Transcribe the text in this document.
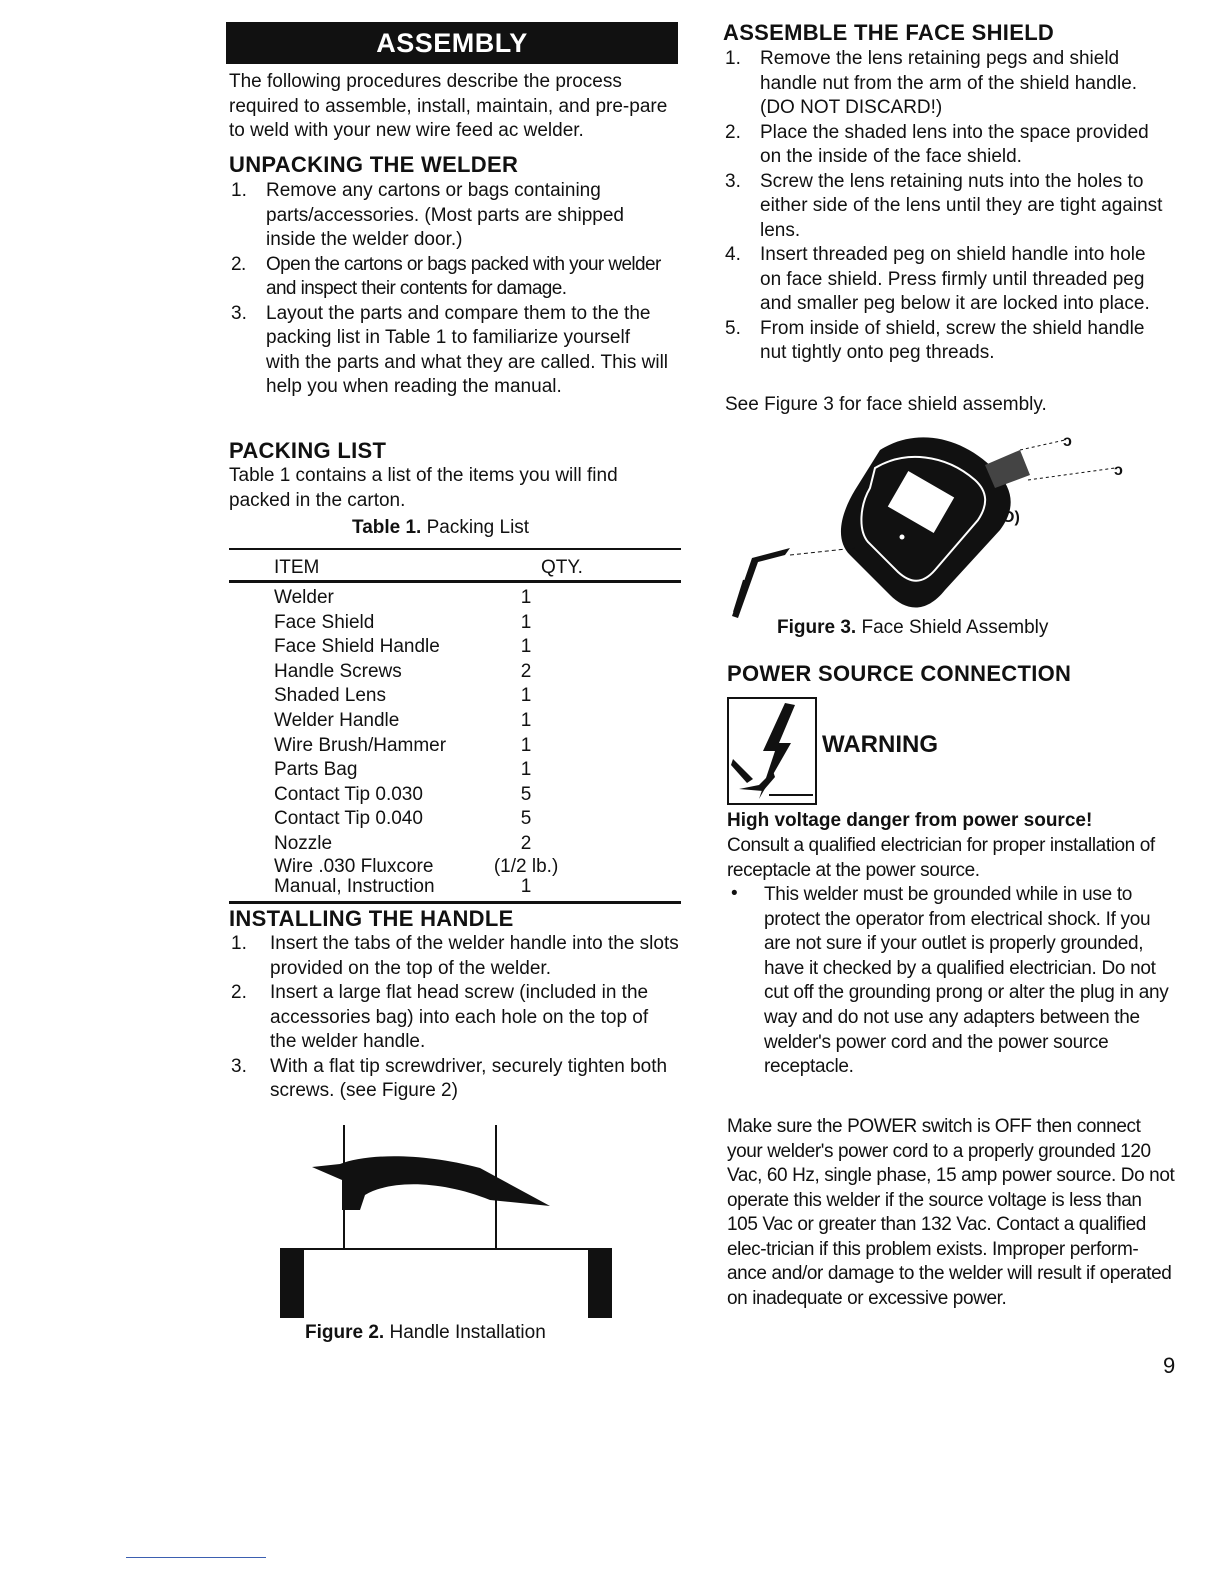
ASSEMBLY
The following procedures describe the process required to assemble, install, maintain, and pre-pare to weld with your new wire feed ac welder.
UNPACKING THE WELDER
1. Remove any cartons or bags containing parts/accessories. (Most parts are shipped inside the welder door.)
2. Open the cartons or bags packed with your welder and inspect their contents for damage.
3. Layout the parts and compare them to the the packing list in Table 1 to familiarize yourself with the parts and what they are called. This will help you when reading the manual.
PACKING LIST
Table 1 contains a list of the items you will find packed in the carton.
Table 1. Packing List
ITEM	QTY.
Welder	1
Face Shield	1
Face Shield Handle	1
Handle Screws	2
Shaded Lens	1
Welder Handle	1
Wire Brush/Hammer	1
Parts Bag	1
Contact Tip 0.030	5
Contact Tip 0.040	5
Nozzle	2
Wire .030 Fluxcore	(1/2 lb.)
Manual, Instruction	1
INSTALLING THE HANDLE
1. Insert the tabs of the welder handle into the slots provided on the top of the welder.
2. Insert a large flat head screw (included in the accessories bag) into each hole on the top of the welder handle.
3. With a flat tip screwdriver, securely tighten both screws. (see Figure 2)
Figure 2. Handle Installation
ASSEMBLE THE FACE SHIELD
1. Remove the lens retaining pegs and shield handle nut from the arm of the shield handle. (DO NOT DISCARD!)
2. Place the shaded lens into the space provided on the inside of the face shield.
3. Screw the lens retaining nuts into the holes to either side of the lens until they are tight against lens.
4. Insert threaded peg on shield handle into hole on face shield. Press firmly until threaded peg and smaller peg below it are locked into place.
5. From inside of shield, screw the shield handle nut tightly onto peg threads.
See Figure 3 for face shield assembly.
ↄ
ↄ
O)
Figure 3. Face Shield Assembly
POWER SOURCE CONNECTION
WARNING
High voltage danger from power source!
Consult a qualified electrician for proper installation of receptacle at the power source.
• This welder must be grounded while in use to protect the operator from electrical shock. If you are not sure if your outlet is properly grounded, have it checked by a qualified electrician. Do not cut off the grounding prong or alter the plug in any way and do not use any adapters between the welder's power cord and the power source receptacle.
Make sure the POWER switch is OFF then connect your welder's power cord to a properly grounded 120 Vac, 60 Hz, single phase, 15 amp power source. Do not operate this welder if the source voltage is less than 105 Vac or greater than 132 Vac. Contact a qualified elec-trician if this problem exists. Improper perform-ance and/or damage to the welder will result if operated on inadequate or excessive power.
9
